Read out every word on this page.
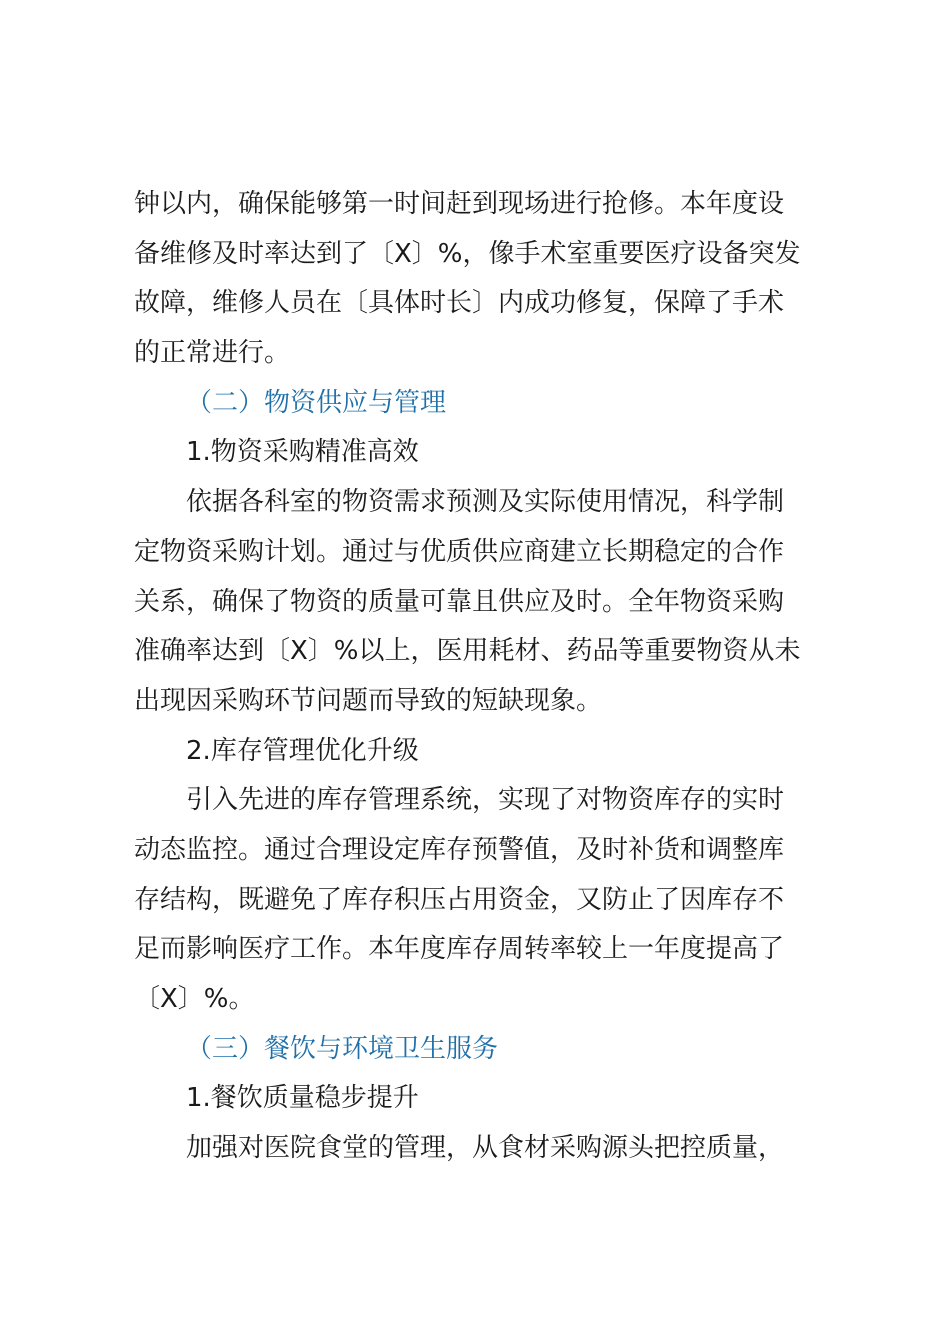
钟以内，确保能够第一时间赶到现场进行抢修。本年度设
备维修及时率达到了〔X〕%，像手术室重要医疗设备突发
故障，维修人员在〔具体时长〕内成功修复，保障了手术
的正常进行。
（二）物资供应与管理
1.物资采购精准高效
依据各科室的物资需求预测及实际使用情况，科学制
定物资采购计划。通过与优质供应商建立长期稳定的合作
关系，确保了物资的质量可靠且供应及时。全年物资采购
准确率达到〔X〕%以上，医用耗材、药品等重要物资从未
出现因采购环节问题而导致的短缺现象。
2.库存管理优化升级
引入先进的库存管理系统，实现了对物资库存的实时
动态监控。通过合理设定库存预警值，及时补货和调整库
存结构，既避免了库存积压占用资金，又防止了因库存不
足而影响医疗工作。本年度库存周转率较上一年度提高了
〔X〕%。
（三）餐饮与环境卫生服务
1.餐饮质量稳步提升
加强对医院食堂的管理，从食材采购源头把控质量，
